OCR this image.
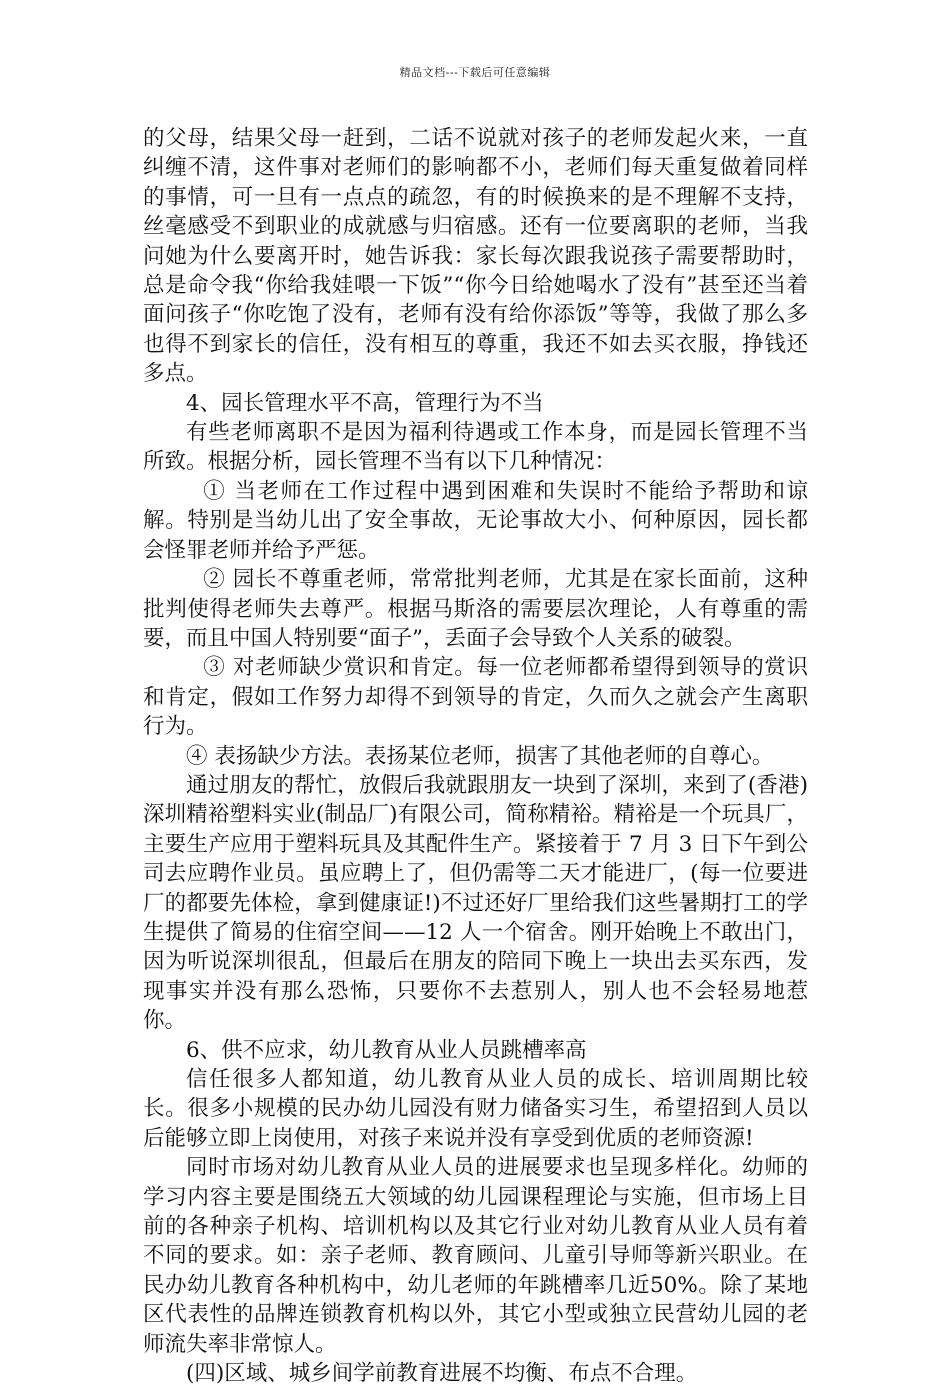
精品文档---下载后可任意编辑

的父母，结果父母一赶到，二话不说就对孩子的老师发起火来，一直纠缠不清，这件事对老师们的影响都不小，老师们每天重复做着同样的事情，可一旦有一点点的疏忽，有的时候换来的是不理解不支持，丝毫感受不到职业的成就感与归宿感。还有一位要离职的老师，当我问她为什么要离开时，她告诉我：家长每次跟我说孩子需要帮助时，总是命令我“你给我娃喂一下饭”“你今日给她喝水了没有”甚至还当着面问孩子“你吃饱了没有，老师有没有给你添饭”等等，我做了那么多也得不到家长的信任，没有相互的尊重，我还不如去买衣服，挣钱还多点。

4、园长管理水平不高，管理行为不当

有些老师离职不是因为福利待遇或工作本身，而是园长管理不当所致。根据分析，园长管理不当有以下几种情况：

① 当老师在工作过程中遇到困难和失误时不能给予帮助和谅解。特别是当幼儿出了安全事故，无论事故大小、何种原因，园长都会怪罪老师并给予严惩。

② 园长不尊重老师，常常批判老师，尤其是在家长面前，这种批判使得老师失去尊严。根据马斯洛的需要层次理论，人有尊重的需要，而且中国人特别要“面子”，丢面子会导致个人关系的破裂。

③ 对老师缺少赏识和肯定。每一位老师都希望得到领导的赏识和肯定，假如工作努力却得不到领导的肯定，久而久之就会产生离职行为。

④ 表扬缺少方法。表扬某位老师，损害了其他老师的自尊心。

通过朋友的帮忙，放假后我就跟朋友一块到了深圳，来到了(香港)深圳精裕塑料实业(制品厂)有限公司，简称精裕。精裕是一个玩具厂，主要生产应用于塑料玩具及其配件生产。紧接着于 7 月 3 日下午到公司去应聘作业员。虽应聘上了，但仍需等二天才能进厂，(每一位要进厂的都要先体检，拿到健康证!)不过还好厂里给我们这些暑期打工的学生提供了简易的住宿空间——12 人一个宿舍。刚开始晚上不敢出门，因为听说深圳很乱，但最后在朋友的陪同下晚上一块出去买东西，发现事实并没有那么恐怖，只要你不去惹别人，别人也不会轻易地惹你。

6、供不应求，幼儿教育从业人员跳槽率高

信任很多人都知道，幼儿教育从业人员的成长、培训周期比较长。很多小规模的民办幼儿园没有财力储备实习生，希望招到人员以后能够立即上岗使用，对孩子来说并没有享受到优质的老师资源!

同时市场对幼儿教育从业人员的进展要求也呈现多样化。幼师的学习内容主要是围绕五大领域的幼儿园课程理论与实施，但市场上目前的各种亲子机构、培训机构以及其它行业对幼儿教育从业人员有着不同的要求。如：亲子老师、教育顾问、儿童引导师等新兴职业。在民办幼儿教育各种机构中，幼儿老师的年跳槽率几近50%。除了某地区代表性的品牌连锁教育机构以外，其它小型或独立民营幼儿园的老师流失率非常惊人。

(四)区域、城乡间学前教育进展不均衡、布点不合理。
